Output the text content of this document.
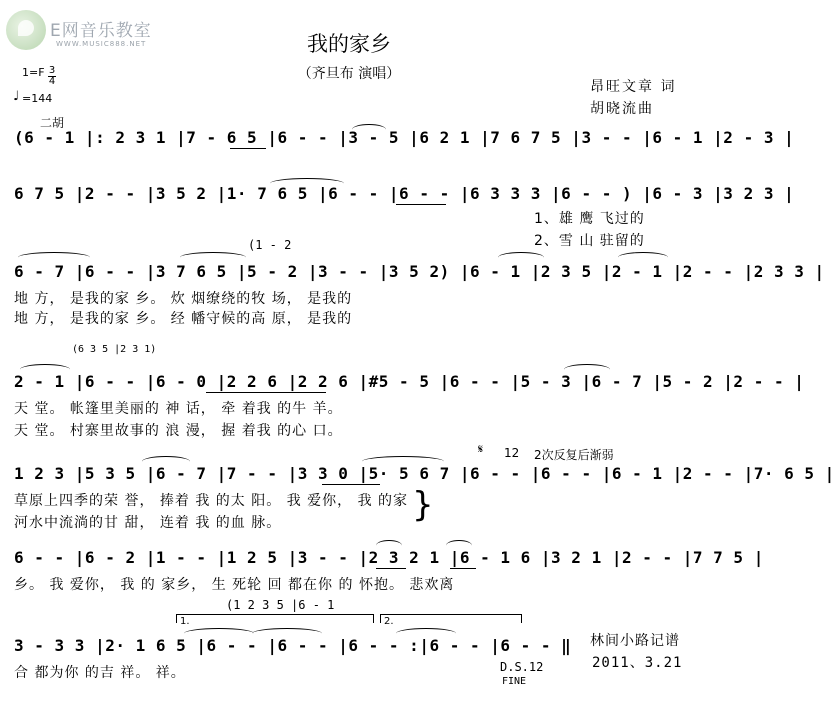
E网音乐教室
WWW.MUSIC888.NET	我的家乡
（齐旦布 演唱）
昂旺文章 词
胡晓流曲
1=F 3
4
♩ =144
二胡
(6 - 1 |: 2 3 1 |7 - 6 5 |6 - - |3 - 5 |6 2 1 |7 6 7 5 |3 - - |6 - 1 |2 - 3 |
6 7 5 |2 - - |3 5 2 |1· 7 6 5 |6 - - |6 - - |6 3 3 3 |6 - - ) |6 - 3 |3 2 3 |
1、雄 鹰 飞过的
2、雪 山 驻留的
(1 - 2
6 - 7 |6 - - |3 7 6 5 |5 - 2 |3 - - |3 5 2) |6 - 1 |2 3 5 |2 - 1 |2 - - |2 3 3 |
地 方， 是我的家 乡。 炊 烟缭绕的牧 场， 是我的
地 方， 是我的家 乡。 经 幡守候的高 原， 是我的
(6 3 5 |2 3 1)
2 - 1 |6 - - |6 - 0 |2 2 6 |2 2 6 |#5 - 5 |6 - - |5 - 3 |6 - 7 |5 - 2 |2 - - |
天 堂。 帐篷里美丽的 神 话， 牵 着我 的牛 羊。
天 堂。 村寨里故事的 浪 漫， 握 着我 的心 口。
𝄋 12 2次反复后渐弱
1 2 3 |5 3 5 |6 - 7 |7 - - |3 3 0 |5· 5 6 7 |6 - - |6 - - |6 - 1 |2 - - |7· 6 5 |
草原上四季的荣 誉， 捧着 我 的太 阳。 我 爱你， 我 的家
河水中流淌的甘 甜， 连着 我 的血 脉。	}
6 - - |6 - 2 |1 - - |1 2 5 |3 - - |2 3 2 1 |6 - 1 6 |3 2 1 |2 - - |7 7 5 |
乡。 我 爱你， 我 的 家乡， 生 死轮 回 都在你 的 怀抱。 悲欢离
(1 2 3 5 |6 - 1
1.	2.
3 - 3 3 |2· 1 6 5 |6 - - |6 - - |6 - - :|6 - - |6 - - ‖
合 都为你 的吉 祥。 祥。	D.S.12
FINE
林间小路记谱
2011、3.21
